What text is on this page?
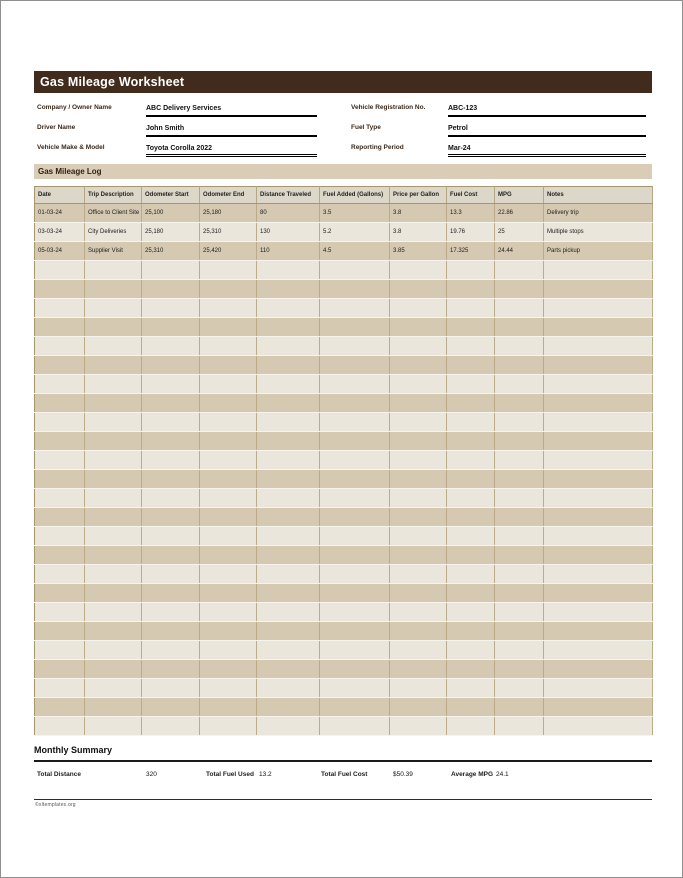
Gas Mileage Worksheet
Company / Owner Name	ABC Delivery Services
Driver Name	John Smith
Vehicle Make & Model	Toyota Corolla 2022
Vehicle Registration No.	ABC-123
Fuel Type	Petrol
Reporting Period	Mar-24
Gas Mileage Log
Date	Trip Description	Odometer Start	Odometer End	Distance Traveled	Fuel Added (Gallons)	Price per Gallon	Fuel Cost	MPG	Notes
01-03-24	Office to Client Site	25,100	25,180	80	3.5	3.8	13.3	22.86	Delivery trip
03-03-24	City Deliveries	25,180	25,310	130	5.2	3.8	19.76	25	Multiple stops
05-03-24	Supplier Visit	25,310	25,420	110	4.5	3.85	17.325	24.44	Parts pickup

Monthly Summary
Total Distance	320	Total Fuel Used 13.2	Total Fuel Cost	$50.39	Average MPG 24.1
©xltemplates.org
